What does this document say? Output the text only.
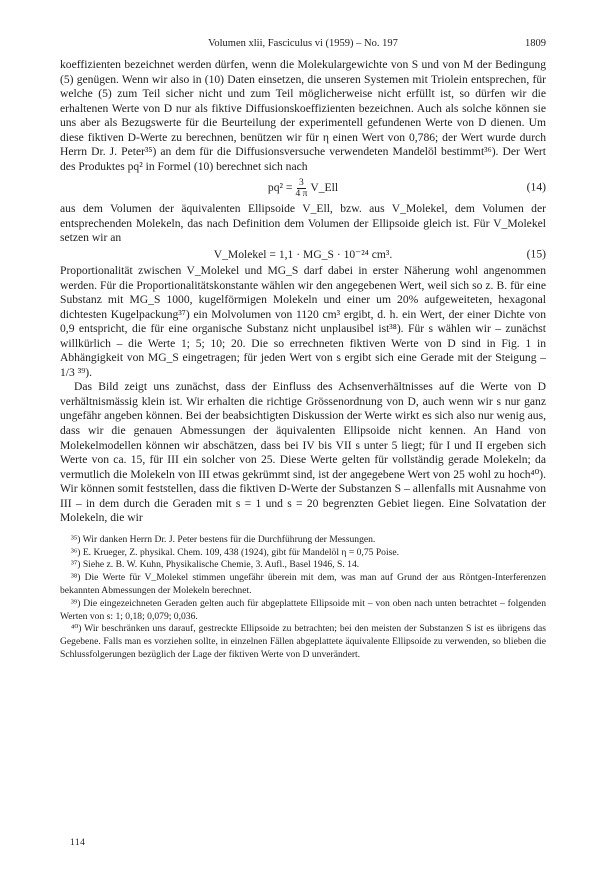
Volumen xlii, Fasciculus vi (1959) – No. 197	1809

koeffizienten bezeichnet werden dürfen, wenn die Molekulargewichte von S und von M der Bedingung (5) genügen. Wenn wir also in (10) Daten einsetzen, die unseren Systemen mit Triolein entsprechen, für welche (5) zum Teil sicher nicht und zum Teil möglicherweise nicht erfüllt ist, so dürfen wir die erhaltenen Werte von D nur als fiktive Diffusionskoeffizienten bezeichnen. Auch als solche können sie uns aber als Bezugswerte für die Beurteilung der experimentell gefundenen Werte von D dienen. Um diese fiktiven D-Werte zu berechnen, benützen wir für η einen Wert von 0,786; der Wert wurde durch Herrn Dr. J. Peter³⁵) an dem für die Diffusionsversuche verwendeten Mandelöl bestimmt³⁶). Der Wert des Produktes pq² in Formel (10) berechnet sich nach

$pq^2 = \frac{3}{4 \pi}$ V_Ell	(14)

aus dem Volumen der äquivalenten Ellipsoide V_Ell, bzw. aus V_Molekel, dem Volumen der entsprechenden Molekeln, das nach Definition dem Volumen der Ellipsoide gleich ist. Für V_Molekel setzen wir an

V_Molekel = 1,1 · MG_S · 10⁻²⁴ cm³.	(15)

Proportionalität zwischen V_Molekel und MG_S darf dabei in erster Näherung wohl angenommen werden. Für die Proportionalitätskonstante wählen wir den angegebenen Wert, weil sich so z. B. für eine Substanz mit MG_S 1000, kugelförmigen Molekeln und einer um 20% aufgeweiteten, hexagonal dichtesten Kugelpackung³⁷) ein Molvolumen von 1120 cm³ ergibt, d. h. ein Wert, der einer Dichte von 0,9 entspricht, die für eine organische Substanz nicht unplausibel ist³⁸). Für s wählen wir – zunächst willkürlich – die Werte 1; 5; 10; 20. Die so errechneten fiktiven Werte von D sind in Fig. 1 in Abhängigkeit von MG_S eingetragen; für jeden Wert von s ergibt sich eine Gerade mit der Steigung –1/3 ³⁹).

Das Bild zeigt uns zunächst, dass der Einfluss des Achsenverhältnisses auf die Werte von D verhältnismässig klein ist. Wir erhalten die richtige Grössenordnung von D, auch wenn wir s nur ganz ungefähr angeben können. Bei der beabsichtigten Diskussion der Werte wirkt es sich also nur wenig aus, dass wir die genauen Abmessungen der äquivalenten Ellipsoide nicht kennen. An Hand von Molekelmodellen können wir abschätzen, dass bei IV bis VII s unter 5 liegt; für I und II ergeben sich Werte von ca. 15, für III ein solcher von 25. Diese Werte gelten für vollständig gerade Molekeln; da vermutlich die Molekeln von III etwas gekrümmt sind, ist der angegebene Wert von 25 wohl zu hoch⁴⁰). Wir können somit feststellen, dass die fiktiven D-Werte der Substanzen S – allenfalls mit Ausnahme von III – in dem durch die Geraden mit s = 1 und s = 20 begrenzten Gebiet liegen. Eine Solvatation der Molekeln, die wir

³⁵) Wir danken Herrn Dr. J. Peter bestens für die Durchführung der Messungen.

³⁶) E. Krueger, Z. physikal. Chem. 109, 438 (1924), gibt für Mandelöl η = 0,75 Poise.

³⁷) Siehe z. B. W. Kuhn, Physikalische Chemie, 3. Aufl., Basel 1946, S. 14.

³⁸) Die Werte für V_Molekel stimmen ungefähr überein mit dem, was man auf Grund der aus Röntgen-Interferenzen bekannten Abmessungen der Molekeln berechnet.

³⁹) Die eingezeichneten Geraden gelten auch für abgeplattete Ellipsoide mit – von oben nach unten betrachtet – folgenden Werten von s: 1; 0,18; 0,079; 0,036.

⁴⁰) Wir beschränken uns darauf, gestreckte Ellipsoide zu betrachten; bei den meisten der Substanzen S ist es übrigens das Gegebene. Falls man es vorziehen sollte, in einzelnen Fällen abgeplattete äquivalente Ellipsoide zu verwenden, so blieben die Schlussfolgerungen bezüglich der Lage der fiktiven Werte von D unverändert.

114
